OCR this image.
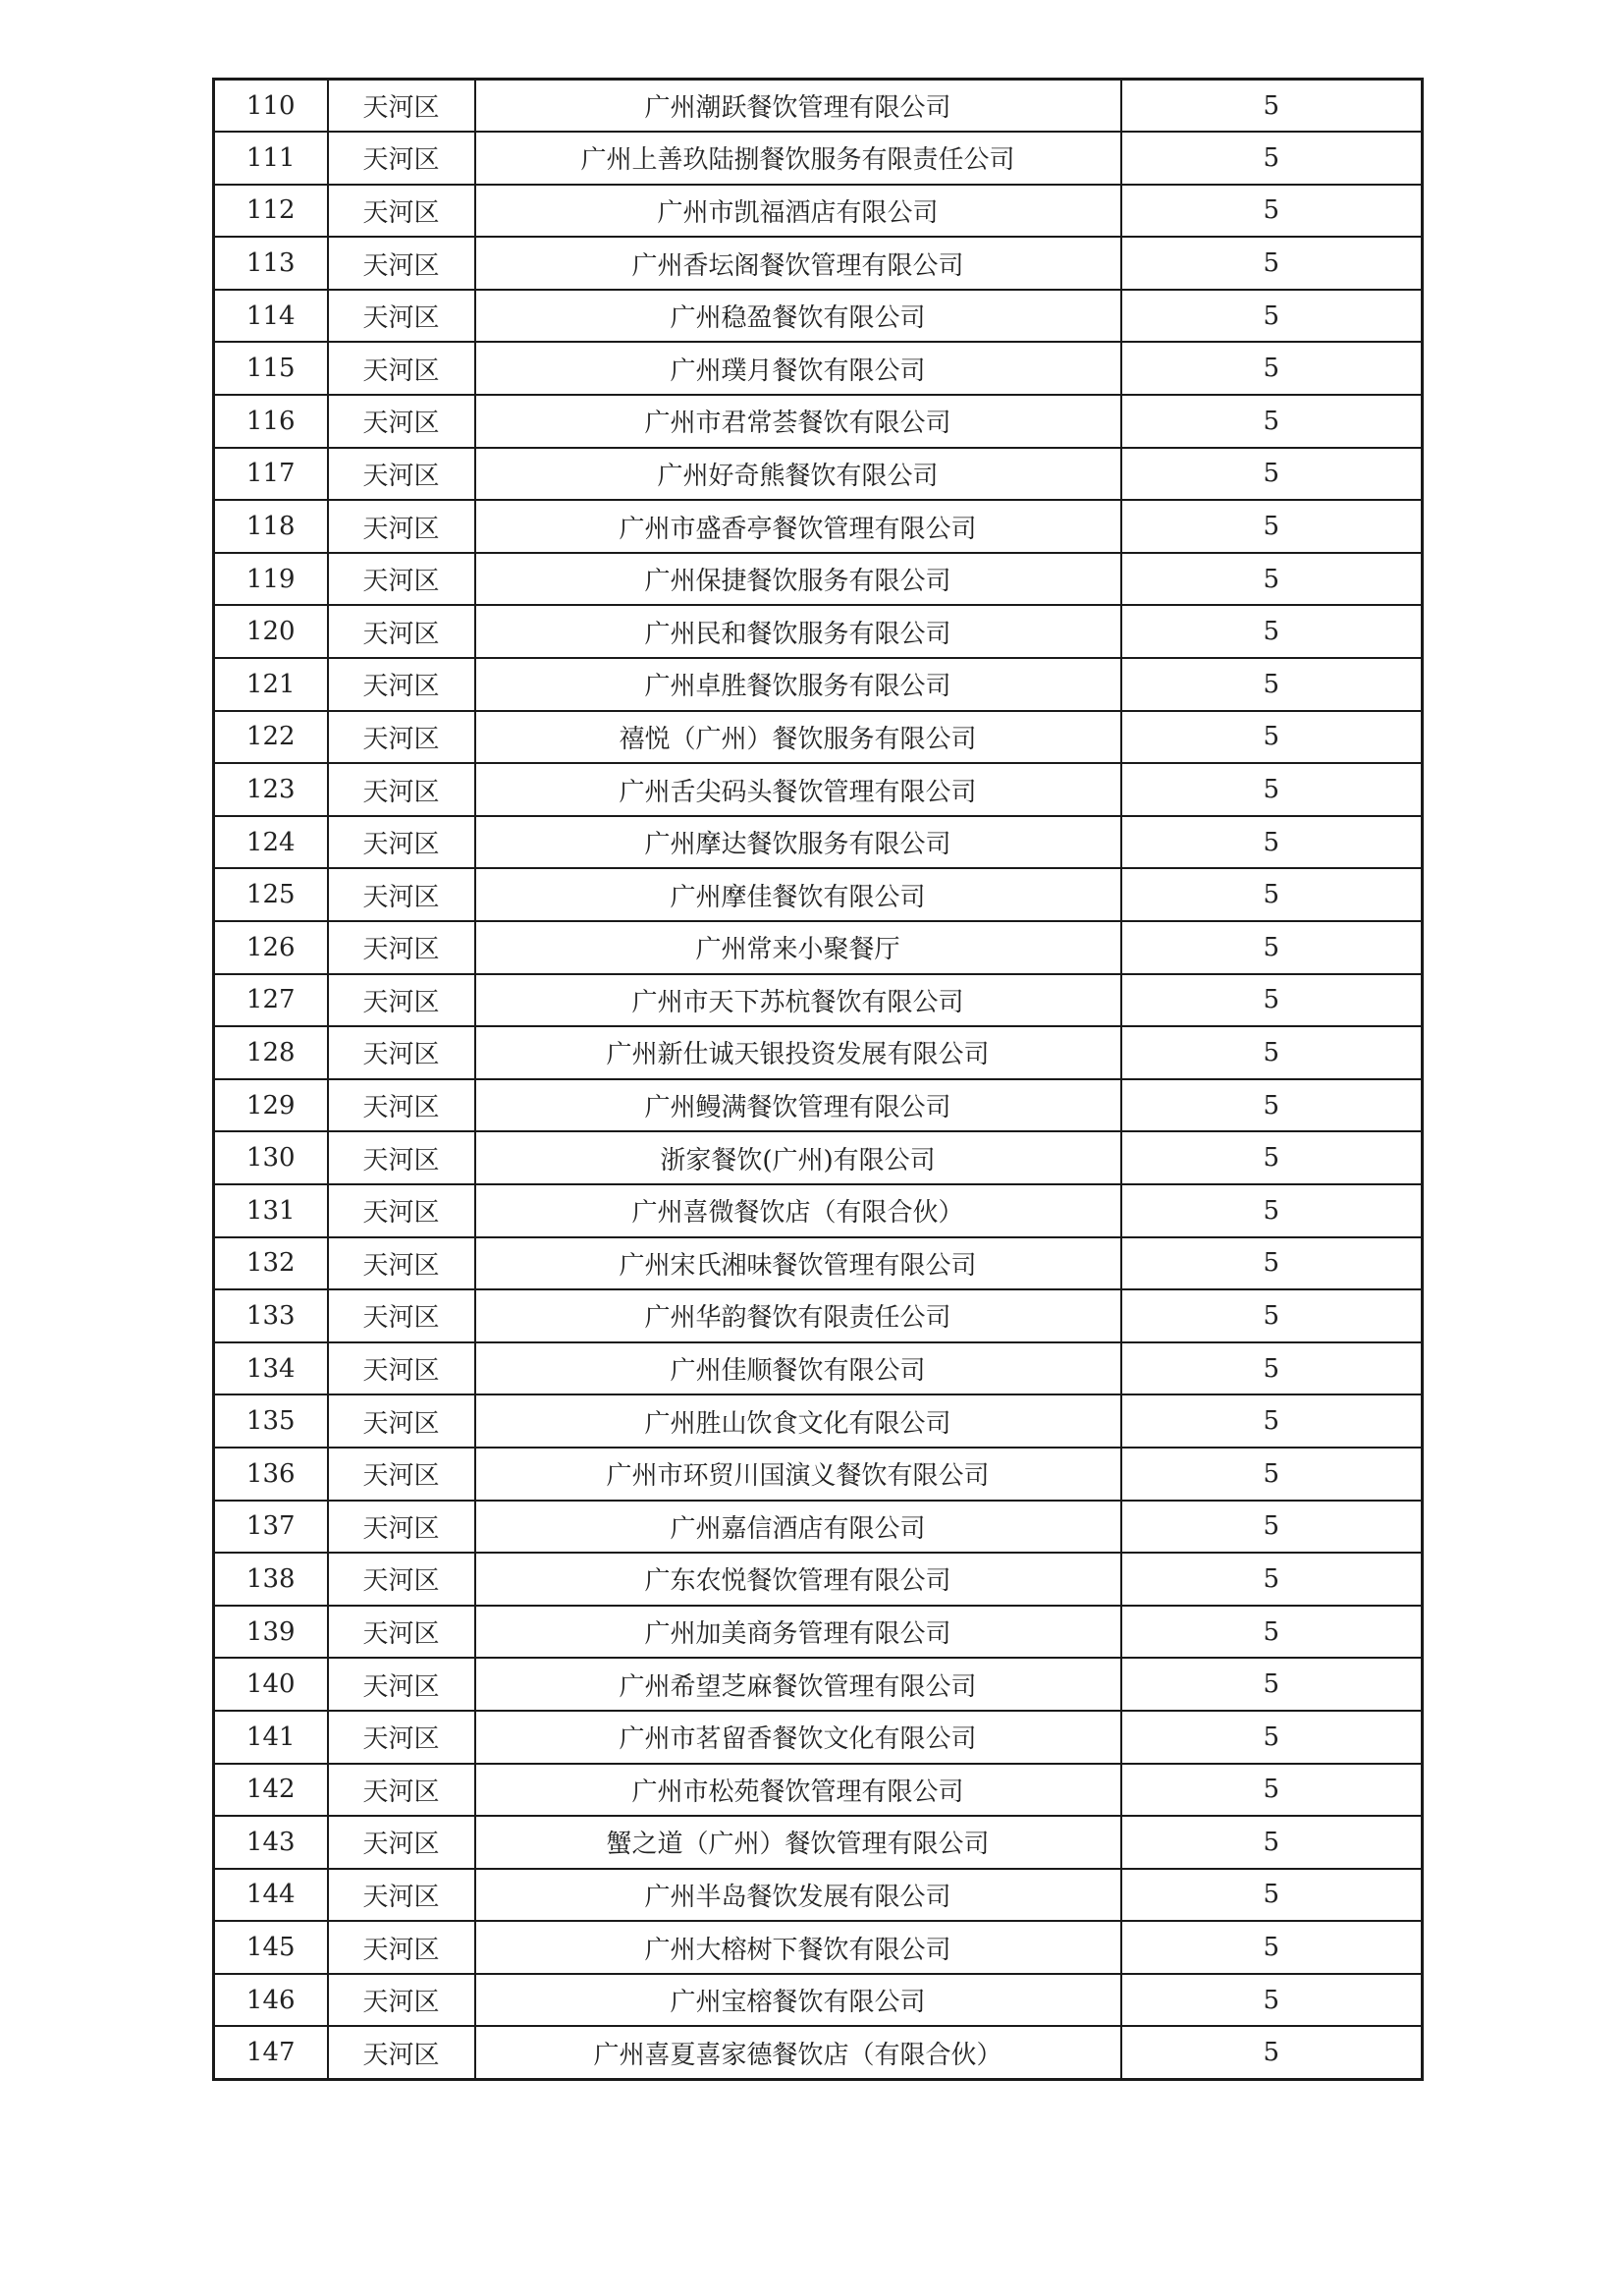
110	天河区	广州潮跃餐饮管理有限公司	5
111	天河区	广州上善玖陆捌餐饮服务有限责任公司	5
112	天河区	广州市凯福酒店有限公司	5
113	天河区	广州香坛阁餐饮管理有限公司	5
114	天河区	广州稳盈餐饮有限公司	5
115	天河区	广州璞月餐饮有限公司	5
116	天河区	广州市君常荟餐饮有限公司	5
117	天河区	广州好奇熊餐饮有限公司	5
118	天河区	广州市盛香亭餐饮管理有限公司	5
119	天河区	广州保捷餐饮服务有限公司	5
120	天河区	广州民和餐饮服务有限公司	5
121	天河区	广州卓胜餐饮服务有限公司	5
122	天河区	禧悦（广州）餐饮服务有限公司	5
123	天河区	广州舌尖码头餐饮管理有限公司	5
124	天河区	广州摩达餐饮服务有限公司	5
125	天河区	广州摩佳餐饮有限公司	5
126	天河区	广州常来小聚餐厅	5
127	天河区	广州市天下苏杭餐饮有限公司	5
128	天河区	广州新仕诚天银投资发展有限公司	5
129	天河区	广州鳗满餐饮管理有限公司	5
130	天河区	浙家餐饮(广州)有限公司	5
131	天河区	广州喜微餐饮店（有限合伙）	5
132	天河区	广州宋氏湘味餐饮管理有限公司	5
133	天河区	广州华韵餐饮有限责任公司	5
134	天河区	广州佳顺餐饮有限公司	5
135	天河区	广州胜山饮食文化有限公司	5
136	天河区	广州市环贸川国演义餐饮有限公司	5
137	天河区	广州嘉信酒店有限公司	5
138	天河区	广东农悦餐饮管理有限公司	5
139	天河区	广州加美商务管理有限公司	5
140	天河区	广州希望芝麻餐饮管理有限公司	5
141	天河区	广州市茗留香餐饮文化有限公司	5
142	天河区	广州市松苑餐饮管理有限公司	5
143	天河区	蟹之道（广州）餐饮管理有限公司	5
144	天河区	广州半岛餐饮发展有限公司	5
145	天河区	广州大榕树下餐饮有限公司	5
146	天河区	广州宝榕餐饮有限公司	5
147	天河区	广州喜夏喜家德餐饮店（有限合伙）	5
